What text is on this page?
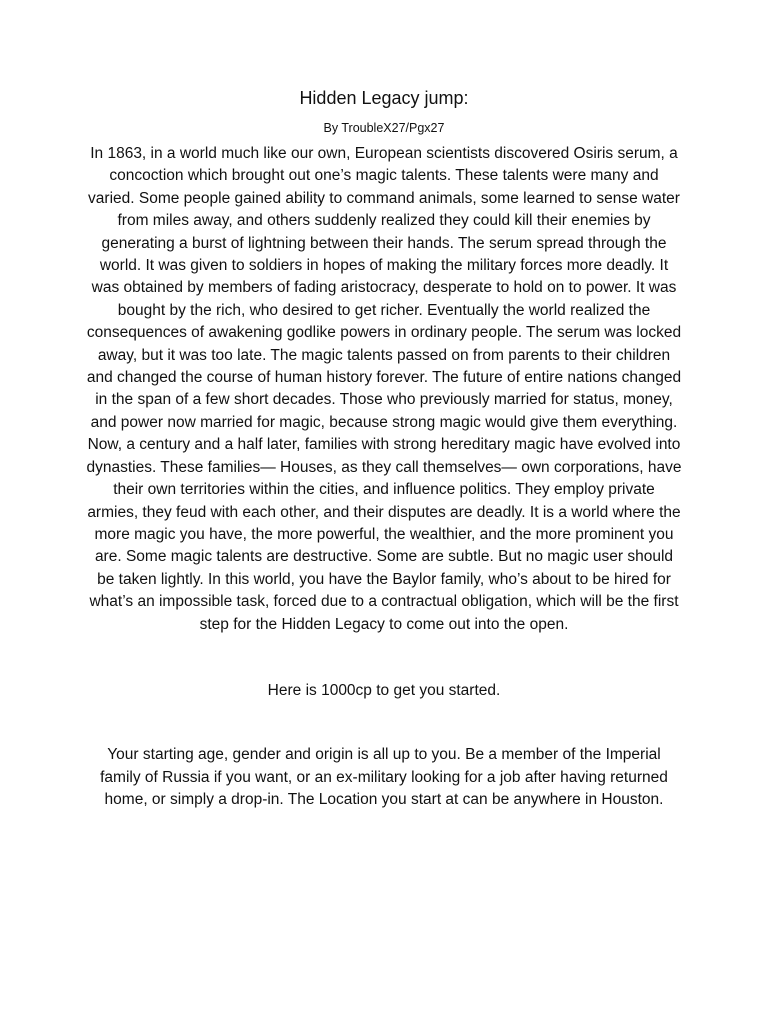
Hidden Legacy jump:

By TroubleX27/Pgx27

In 1863, in a world much like our own, European scientists discovered Osiris serum, a concoction which brought out one’s magic talents. These talents were many and varied. Some people gained ability to command animals, some learned to sense water from miles away, and others suddenly realized they could kill their enemies by generating a burst of lightning between their hands. The serum spread through the world. It was given to soldiers in hopes of making the military forces more deadly. It was obtained by members of fading aristocracy, desperate to hold on to power. It was bought by the rich, who desired to get richer. Eventually the world realized the consequences of awakening godlike powers in ordinary people. The serum was locked away, but it was too late. The magic talents passed on from parents to their children and changed the course of human history forever. The future of entire nations changed in the span of a few short decades. Those who previously married for status, money, and power now married for magic, because strong magic would give them everything. Now, a century and a half later, families with strong hereditary magic have evolved into dynasties. These families— Houses, as they call themselves— own corporations, have their own territories within the cities, and influence politics. They employ private armies, they feud with each other, and their disputes are deadly. It is a world where the more magic you have, the more powerful, the wealthier, and the more prominent you are. Some magic talents are destructive. Some are subtle. But no magic user should be taken lightly. In this world, you have the Baylor family, who’s about to be hired for what’s an impossible task, forced due to a contractual obligation, which will be the first step for the Hidden Legacy to come out into the open.

Here is 1000cp to get you started.

Your starting age, gender and origin is all up to you. Be a member of the Imperial family of Russia if you want, or an ex-military looking for a job after having returned home, or simply a drop-in. The Location you start at can be anywhere in Houston.
